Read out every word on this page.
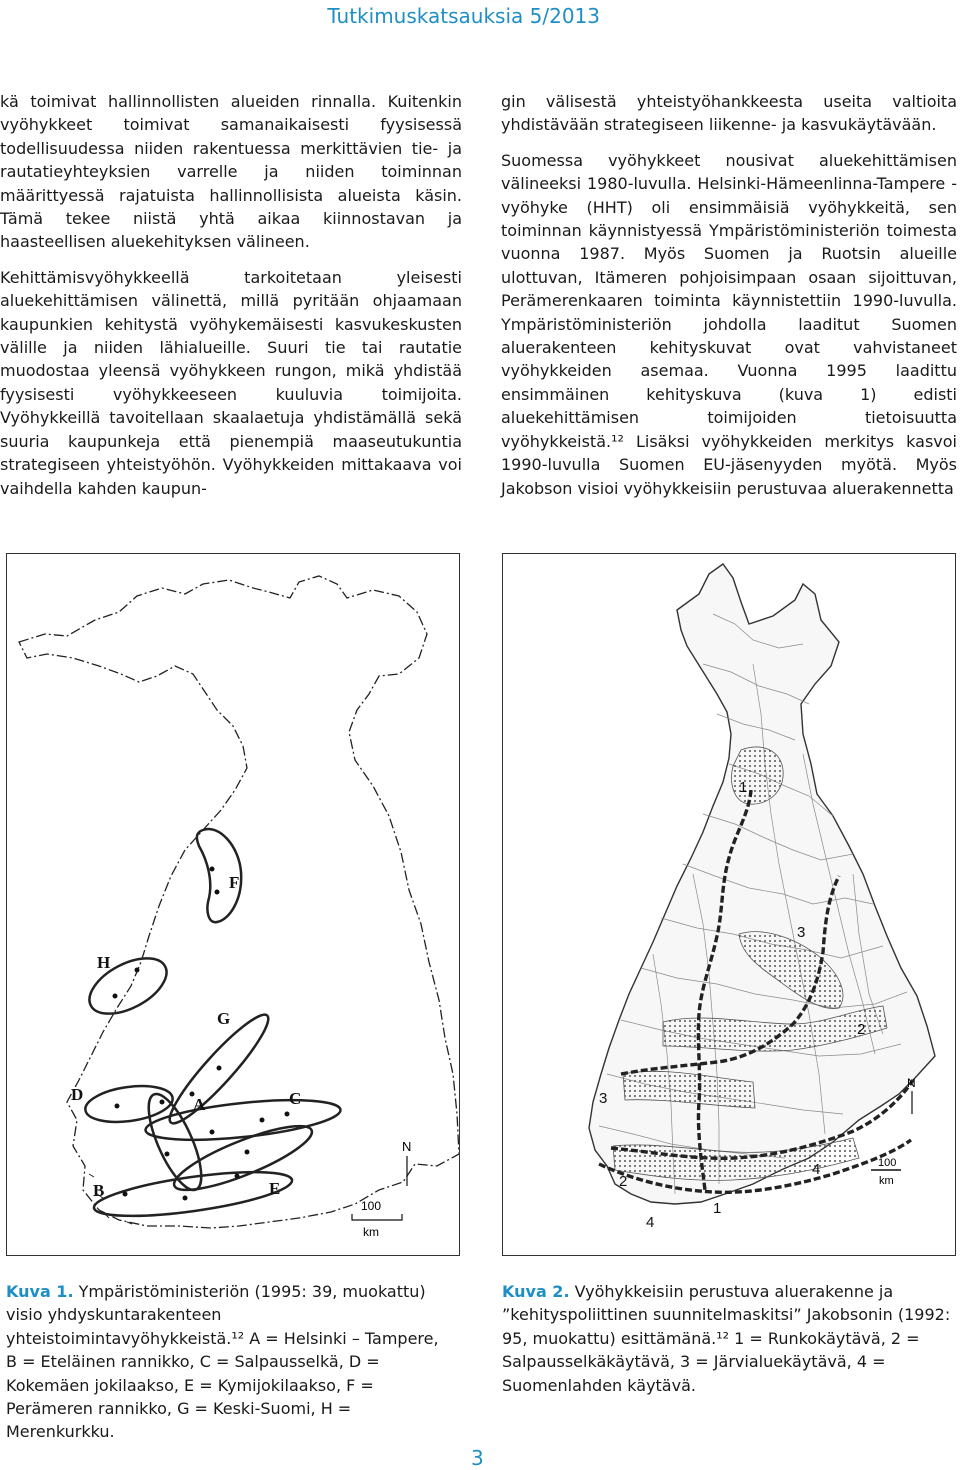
Tutkimuskatsauksia 5/2013

kä toimivat hallinnollisten alueiden rinnalla. Kuitenkin vyöhykkeet toimivat samanaikaisesti fyysisessä todellisuudessa niiden rakentuessa merkittävien tie- ja rautatieyhteyksien varrelle ja niiden toiminnan määrittyessä rajatuista hallinnollisista alueista käsin. Tämä tekee niistä yhtä aikaa kiinnostavan ja haasteellisen aluekehityksen välineen.

Kehittämisvyöhykkeellä tarkoitetaan yleisesti aluekehittämisen välinettä, millä pyritään ohjaamaan kaupunkien kehitystä vyöhykemäisesti kasvukeskusten välille ja niiden lähialueille. Suuri tie tai rautatie muodostaa yleensä vyöhykkeen rungon, mikä yhdistää fyysisesti vyöhykkeeseen kuuluvia toimijoita. Vyöhykkeillä tavoitellaan skaalaetuja yhdistämällä sekä suuria kaupunkeja että pienempiä maaseutukuntia strategiseen yhteistyöhön. Vyöhykkeiden mittakaava voi vaihdella kahden kaupun-

gin välisestä yhteistyöhankkeesta useita valtioita yhdistävään strategiseen liikenne- ja kasvukäytävään.

Suomessa vyöhykkeet nousivat aluekehittämisen välineeksi 1980-luvulla. Helsinki-Hämeenlinna-Tampere -vyöhyke (HHT) oli ensimmäisiä vyöhykkeitä, sen toiminnan käynnistyessä Ympäristöministeriön toimesta vuonna 1987. Myös Suomen ja Ruotsin alueille ulottuvan, Itämeren pohjoisimpaan osaan sijoittuvan, Perämerenkaaren toiminta käynnistettiin 1990-luvulla. Ympäristöministeriön johdolla laaditut Suomen aluerakenteen kehityskuvat ovat vahvistaneet vyöhykkeiden asemaa. Vuonna 1995 laadittu ensimmäinen kehityskuva (kuva 1) edisti aluekehittämisen toimijoiden tietoisuutta vyöhykkeistä.¹² Lisäksi vyöhykkeiden merkitys kasvoi 1990-luvulla Suomen EU-jäsenyyden myötä. Myös Jakobson visioi vyöhykkeisiin perustuvaa aluerakennetta

F
H
G
D
A	C
B	E
N
100
km
1
3
2
3
2
4
1
4
N
100
km
Kuva 1. Ympäristöministeriön (1995: 39, muokattu) visio yhdyskuntarakenteen yhteistoimintavyöhykkeistä.¹² A = Helsinki – Tampere, B = Eteläinen rannikko, C = Salpausselkä, D = Kokemäen jokilaakso, E = Kymijokilaakso, F = Perämeren rannikko, G = Keski-Suomi, H = Merenkurkku.
Kuva 2. Vyöhykkeisiin perustuva aluerakenne ja ”kehityspoliittinen suunnitelmaskitsi” Jakobsonin (1992: 95, muokattu) esittämänä.¹² 1 = Runkokäytävä, 2 = Salpausselkäkäytävä, 3 = Järvialuekäytävä, 4 = Suomenlahden käytävä.
3
